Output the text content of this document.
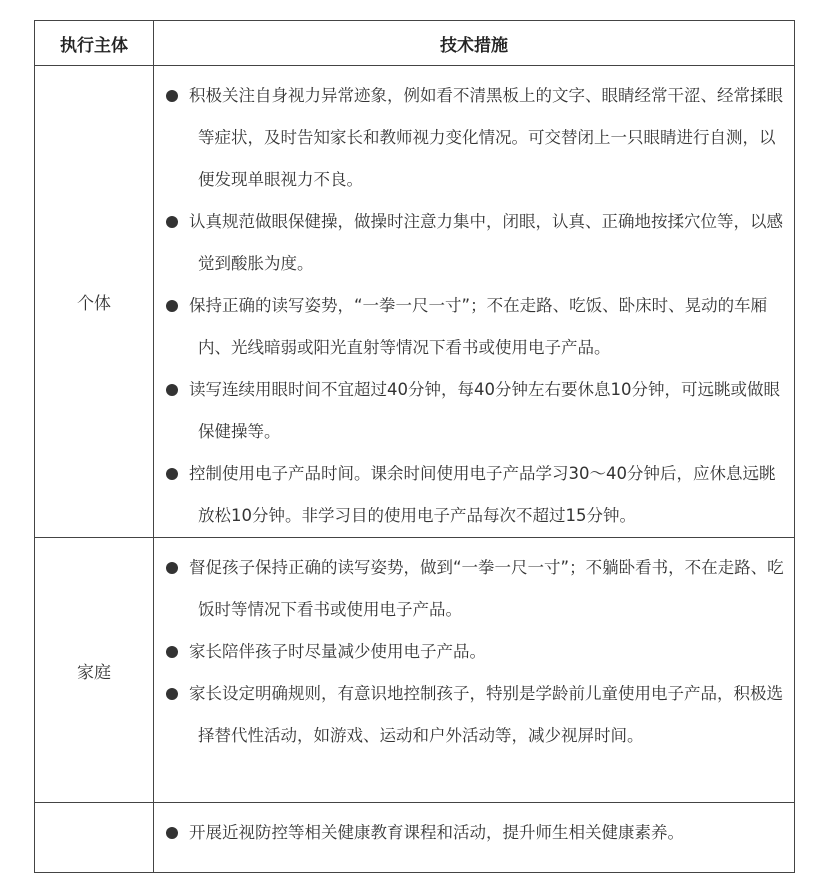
执行主体	技术措施
个体	积极关注自身视力异常迹象，例如看不清黑板上的文字、眼睛经常干涩、经常揉眼等症状，及时告知家长和教师视力变化情况。可交替闭上一只眼睛进行自测，以便发现单眼视力不良。

认真规范做眼保健操，做操时注意力集中，闭眼，认真、正确地按揉穴位等，以感觉到酸胀为度。

保持正确的读写姿势，“一拳一尺一寸”；不在走路、吃饭、卧床时、晃动的车厢内、光线暗弱或阳光直射等情况下看书或使用电子产品。

读写连续用眼时间不宜超过40分钟，每40分钟左右要休息10分钟，可远眺或做眼保健操等。

控制使用电子产品时间。课余时间使用电子产品学习30～40分钟后，应休息远眺放松10分钟。非学习目的使用电子产品每次不超过15分钟。

家庭	督促孩子保持正确的读写姿势，做到“一拳一尺一寸”；不躺卧看书，不在走路、吃饭时等情况下看书或使用电子产品。

家长陪伴孩子时尽量减少使用电子产品。

家长设定明确规则，有意识地控制孩子，特别是学龄前儿童使用电子产品，积极选择替代性活动，如游戏、运动和户外活动等，减少视屏时间。

	开展近视防控等相关健康教育课程和活动，提升师生相关健康素养。
